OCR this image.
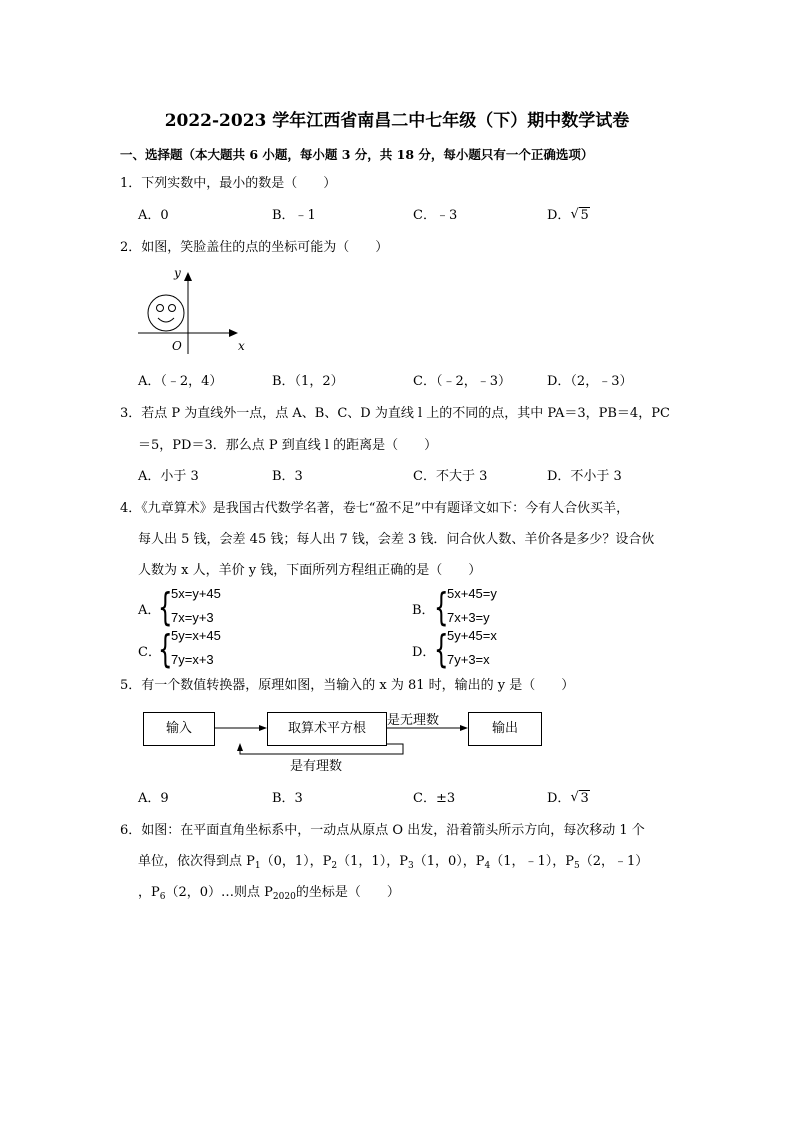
2022-2023 学年江西省南昌二中七年级（下）期中数学试卷
一、选择题（本大题共 6 小题，每小题 3 分，共 18 分，每小题只有一个正确选项）
1．下列实数中，最小的数是（　　）
A．0	B．﹣1	C．﹣3	D． √ 5
2．如图，笑脸盖住的点的坐标可能为（　　）
y
x
O
A．（﹣2，4）	B．（1，2）	C．（﹣2，﹣3）	D．（2，﹣3）
3．若点 P 为直线外一点，点 A、B、C、D 为直线 l 上的不同的点，其中 PA＝3，PB＝4，PC
＝5，PD＝3．那么点 P 到直线 l 的距离是（　　）
A．小于 3	B．3	C．不大于 3	D．不小于 3
4．《九章算术》是我国古代数学名著，卷七“盈不足”中有题译文如下：今有人合伙买羊，
每人出 5 钱，会差 45 钱；每人出 7 钱，会差 3 钱．问合伙人数、羊价各是多少？设合伙
人数为 x 人，羊价 y 钱，下面所列方程组正确的是（　　）
A．
{
5x=y+45
7x=y+3	B． {
5x+45=y
7x+3=y
C．
{
5y=x+45
7y=x+3	D．
{
5y+45=x
7y+3=x
5．有一个数值转换器，原理如图，当输入的 x 为 81 时，输出的 y 是（　　）
输入	取算术平方根	输出
是无理数
是有理数
A．9	B．3	C．±3	D． √ 3
6．如图：在平面直角坐标系中，一动点从原点 O 出发，沿着箭头所示方向，每次移动 1 个
单位，依次得到点 $P_1(0$，1），$P_2(1$，1），$P_3(1$，0），$P_4(1$，﹣1），$P_5(2$，﹣1）
，$P_6(2$，0）…则点 $P_{2020}$的坐标是（　　）
